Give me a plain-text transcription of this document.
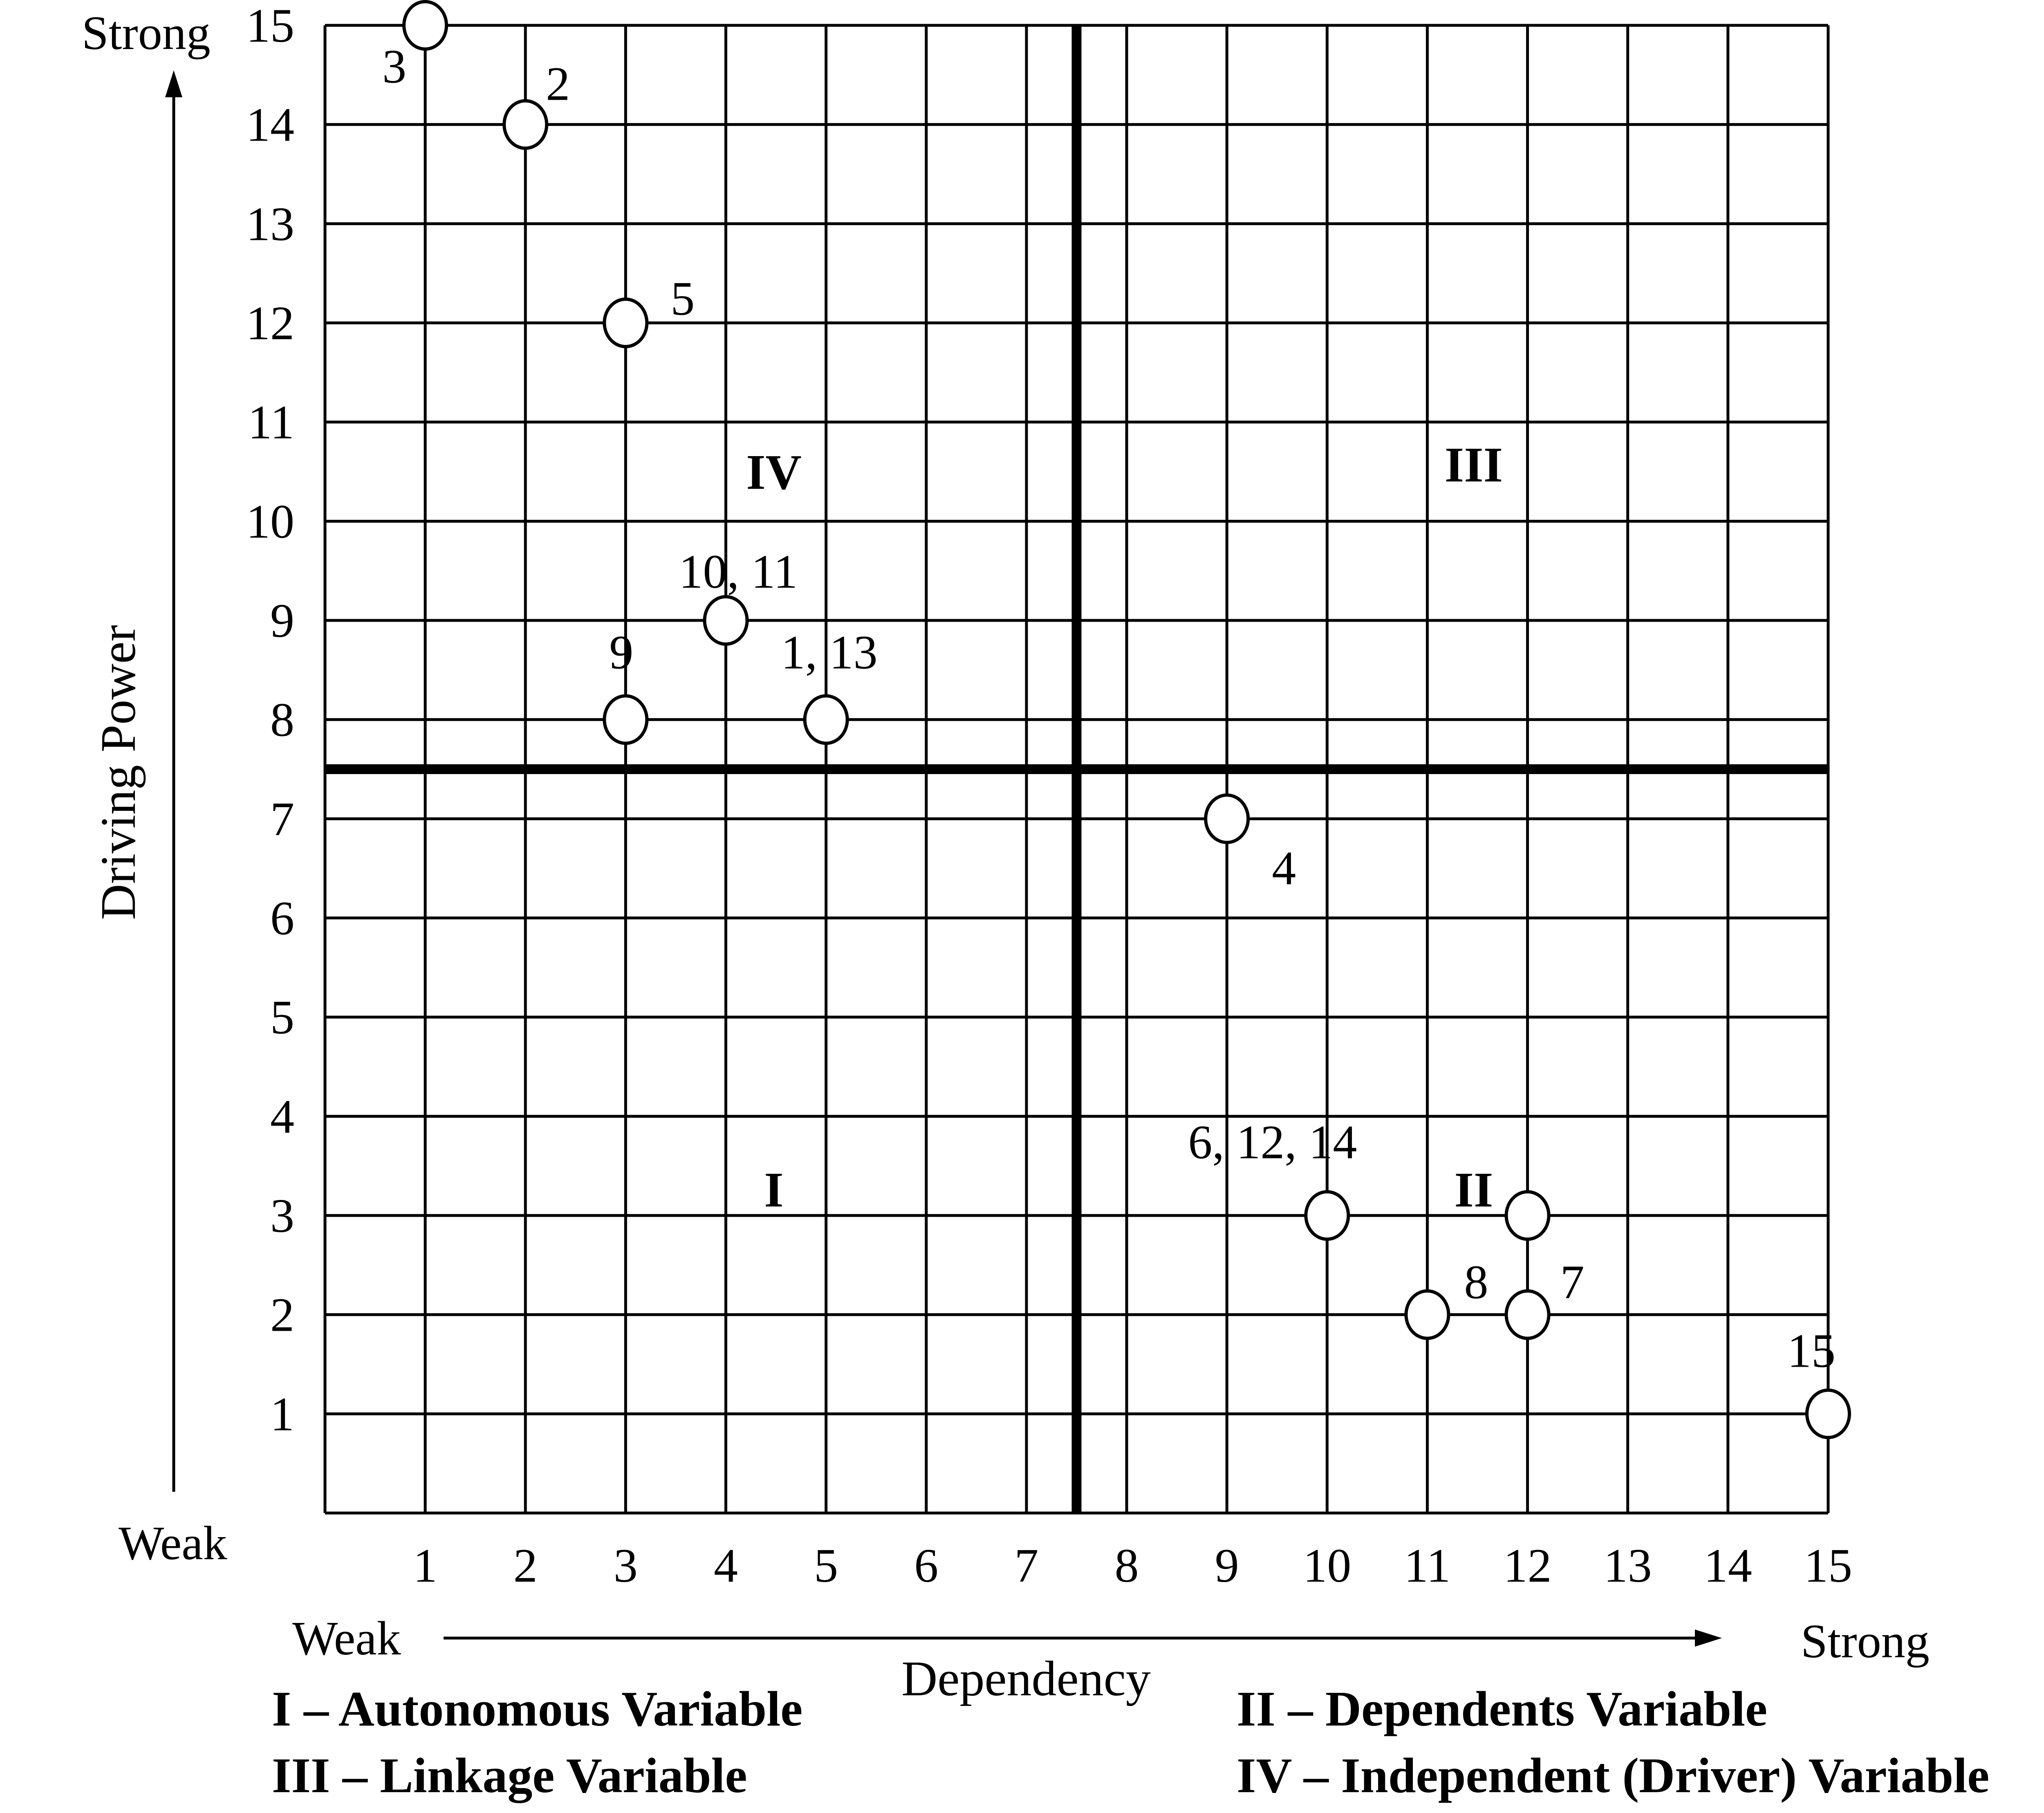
1 2 3 4 5 6 7 8 9 10 11 12 13 14 15
1
2
3
4
5
6
7
8
9
10
11
12
13
14
15
3	2
5
10, 11
9	1, 13
4
6, 12, 14
8 7
15
IV	III
I	II
Strong
Weak
Weak	Strong
Driving Power
Dependency
I – Autonomous Variable	II – Dependents Variable
III – Linkage Variable	IV – Independent (Driver) Variable
